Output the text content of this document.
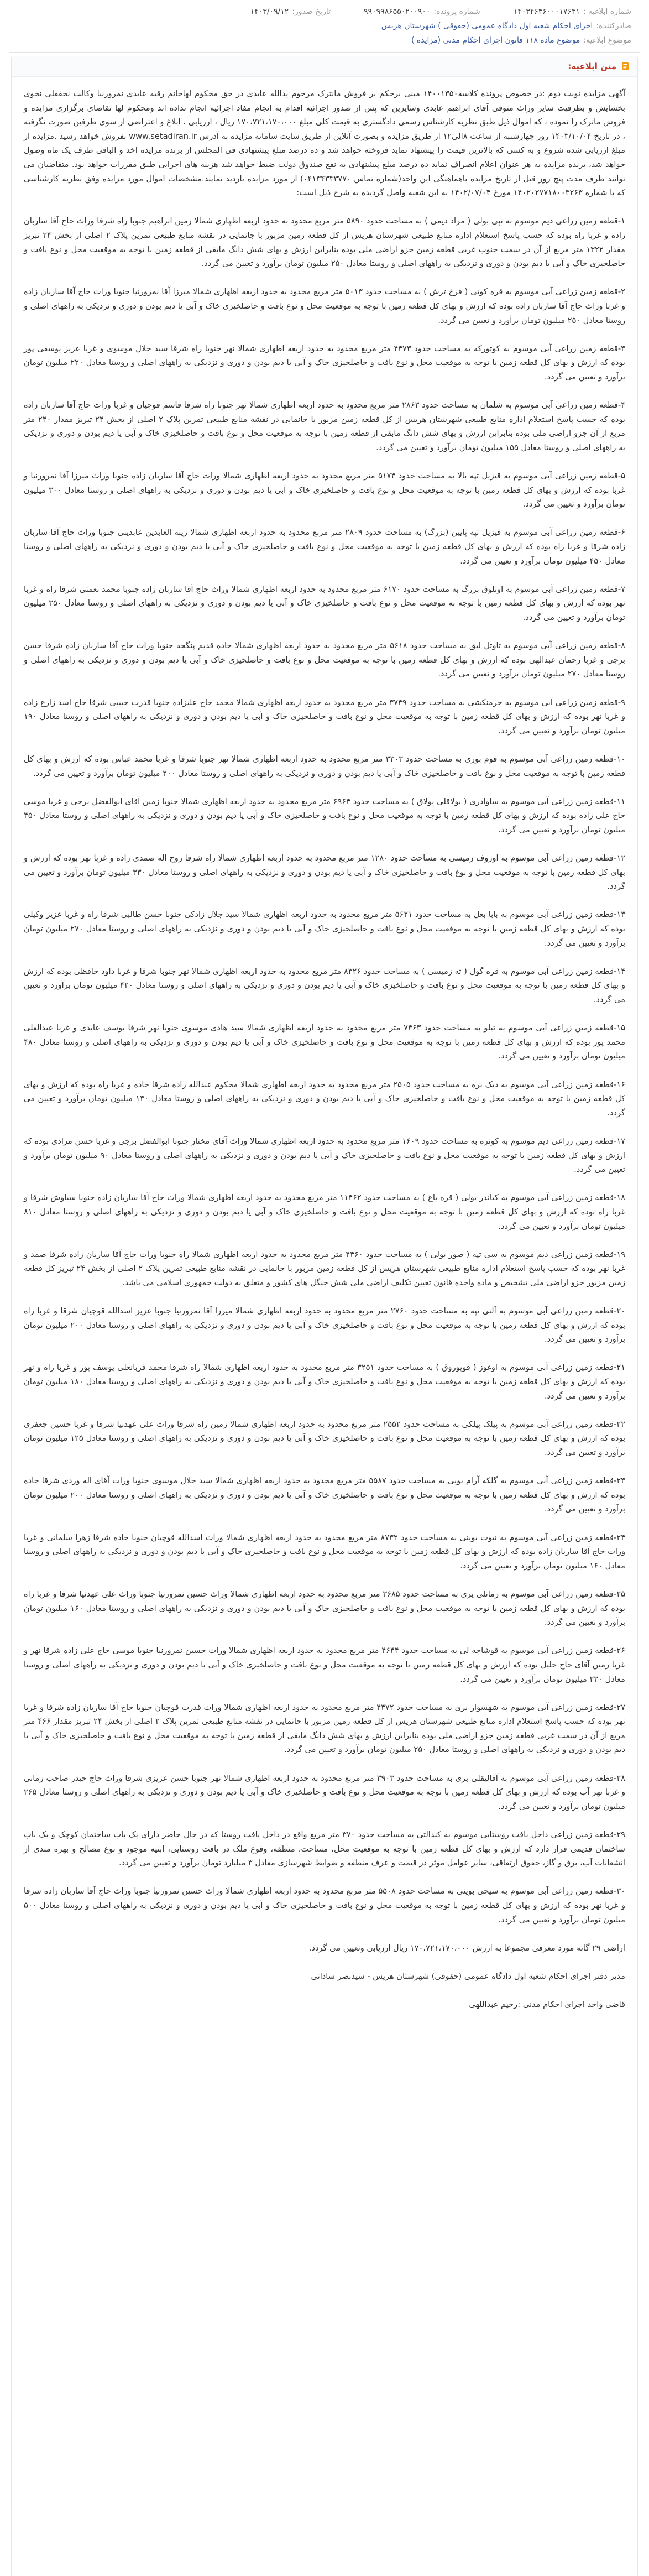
شماره ابلاغیه :۱۴۰۳۴۶۳۶۰۰۰۱۷۶۳۱
شماره پرونده:۹۹۰۹۹۸۶۵۵۰۲۰۰۹۰۰
تاریخ صدور:۱۴۰۳/۰۹/۱۲
صادرکننده:اجرای احکام شعبه اول دادگاه عمومی (حقوقی ) شهرستان هریس
موضوع ابلاغیه:موضوع ماده ۱۱۸ قانون اجرای احکام مدنی (مزایده )
متن ابلاغیه:

آگهی مزایده نوبت دوم :در خصوص پرونده کلاسه۱۴۰۰۱۳۵۰ مبنی برحکم بر فروش مانترک مرحوم یدالله عابدی در حق محکوم لهاخانم رقیه عابدی نمرورنیا وکالت نجفقلی نحوی بخشایش و بطرفیت سایر وراث متوفی آقای ابراهیم عابدی وسایرین که پس از صدور اجرائیه اقدام به انجام مفاد اجرائیه انجام نداده اند ومحکوم لها تقاضای برگزاری مزایده و فروش ماترک را نموده ، که اموال ذیل طبق نظریه کارشناس رسمی دادگستری به قیمت کلی مبلغ ۱۷۰،۷۲۱،۱۷۰،۰۰۰ ریال ، ارزیابی ، ابلاغ و اعتراضی از سوی طرفین صورت نگرفته ، در تاریخ ۱۴۰۳/۱۰/۰۴ روز چهارشنبه از ساعت ۸الی۱۲ از طریق مزایده و بصورت آنلاین از طریق سایت سامانه مزایده به آدرس www.setadiran.ir بفروش خواهد رسید .مزایده از مبلغ ارزیابی شده شروع و به کسی که بالاترین قیمت را پیشنهاد نماید فروخته خواهد شد و ده درصد مبلغ پیشنهادی فی المجلس از برنده مزایده اخذ و الباقی ظرف یک ماه وصول خواهد شد، برنده مزایده به هر عنوان اعلام انصراف نماید ده درصد مبلغ پیشنهادی به نفع صندوق دولت ضبط خواهد شد هزینه های اجرایی طبق مقررات خواهد بود. متقاضیان می توانند ظرف مدت پنج روز قبل از تاریخ مزایده باهماهنگی این واحد(شماره تماس ۰۴۱۳۴۳۳۳۷۷۰) از مورد مزایده بازدید نمایند.مشخصات اموال مورد مزایده وفق نظریه کارشناسی که با شماره ۱۴۰۲۰۲۷۷۱۸۰۰۳۲۶۳ مورخ ۱۴۰۲/۰۷/۰۴ به این شعبه واصل گردیده به شرح ذیل است:

۱-قطعه زمین زراعی دیم موسوم به تپی بولی ( مراد دیمی ) به مساحت حدود ۵۸۹۰ متر مربع محدود به حدود اربعه اظهاری شمالا زمین ابراهیم جنوبا راه شرقا وراث حاج آقا ساربان زاده و غربا راه بوده که حسب پاسخ استعلام اداره منابع طبیعی شهرستان هریس از کل قطعه زمین مزبور با جانمایی در نقشه منابع طبیعی تمرین پلاک ۲ اصلی از بخش ۲۴ تبریز مقدار ۱۳۲۲ متر مربع از آن در سمت جنوب غربی قطعه زمین جزو اراضی ملی بوده بنابراین ارزش و بهای شش دانگ مابقی از قطعه زمین با توجه به موقعیت محل و نوع بافت و حاصلخیزی خاک و آبی یا دیم بودن و دوری و نزدیکی به راههای اصلی و روستا معادل ۲۵۰ میلیون تومان برآورد و تعیین می گردد.

۲-قطعه زمین زراعی آبی موسوم به قره کوتی ( فرخ ترش ) به مساحت حدود ۵۰۱۳ متر مربع محدود به حدود اربعه اظهاری شمالا میرزا آقا نمرورنیا جنوبا وراث حاج آقا ساربان زاده و غربا وراث حاج آقا ساربان زاده بوده که ارزش و بهای کل قطعه زمین با توجه به موقعیت محل و نوع بافت و حاصلخیزی خاک و آبی یا دیم بودن و دوری و نزدیکی به راههای اصلی و روستا معادل ۲۵۰ میلیون تومان برآورد و تعیین می گردد.

۳-قطعه زمین زراعی آبی موسوم به کوتورکه به مساحت حدود ۴۴۷۳ متر مربع محدود به حدود اربعه اظهاری شمالا نهر جنوبا راه شرقا سید جلال موسوی و غربا عزیز یوسفی پور بوده که ارزش و بهای کل قطعه زمین با توجه به موقعیت محل و نوع بافت و حاصلخیزی خاک و آبی یا دیم بودن و دوری و نزدیکی به راههای اصلی و روستا معادل ۲۲۰ میلیون تومان برآورد و تعیین می گردد.

۴-قطعه زمین زراعی آبی موسوم به شلمان به مساحت حدود ۲۸۶۳ متر مربع محدود به حدود اربعه اظهاری شمالا نهر جنوبا راه شرقا قاسم قوچیان و غربا وراث حاج آقا ساربان زاده بوده که حسب پاسخ استعلام اداره منابع طبیعی شهرستان هریس از کل قطعه زمین مزبور با جانمایی در نقشه منابع طبیعی تمرین پلاک ۲ اصلی از بخش ۲۴ تبریز مقدار ۲۴۰ متر مربع از آن جزو اراضی ملی بوده بنابراین ارزش و بهای شش دانگ مابقی از قطعه زمین با توجه به موقعیت محل و نوع بافت و حاصلخیزی خاک و آبی یا دیم بودن و دوری و نزدیکی به راههای اصلی و روستا معادل ۱۵۵ میلیون تومان برآورد و تعیین می گردد.

۵-قطعه زمین زراعی آبی موسوم به قیزیل تپه بالا به مساحت حدود ۵۱۷۴ متر مربع محدود به حدود اربعه اظهاری شمالا وراث حاج آقا ساربان زاده جنوبا وراث میرزا آقا نمرورنیا و غربا بوده که ارزش و بهای کل قطعه زمین با توجه به موقعیت محل و نوع بافت و حاصلخیزی خاک و آبی یا دیم بودن و دوری و نزدیکی به راههای اصلی و روستا معادل ۳۰۰ میلیون تومان برآورد و تعیین می گردد.

۶-قطعه زمین زراعی آبی موسوم به قیزیل تپه پایین (بزرگ) به مساحت حدود ۲۸۰۹ متر مربع محدود به حدود اربعه اظهاری شمالا زینه العابدین عابدینی جنوبا وراث حاج آقا ساربان زاده شرقا و غربا راه بوده که ارزش و بهای کل قطعه زمین با توجه به موقعیت محل و نوع بافت و حاصلخیزی خاک و آبی یا دیم بودن و دوری و نزدیکی به راههای اصلی و روستا معادل ۴۵۰ میلیون تومان برآورد و تعیین می گردد.

۷-قطعه زمین زراعی آبی موسوم به اوتلوق بزرگ به مساحت حدود ۶۱۷۰ متر مربع محدود به حدود اربعه اظهاری شمالا وراث حاج آقا ساربان زاده جنوبا محمد نعمتی شرقا راه و غربا نهر بوده که ارزش و بهای کل قطعه زمین با توجه به موقعیت محل و نوع بافت و حاصلخیزی خاک و آبی یا دیم بودن و دوری و نزدیکی به راههای اصلی و روستا معادل ۳۵۰ میلیون تومان برآورد و تعیین می گردد.

۸-قطعه زمین زراعی آبی موسوم به تاوتل لیق به مساحت حدود ۵۶۱۸ متر مربع محدود به حدود اربعه اظهاری شمالا جاده قدیم پنگجه جنوبا وراث حاج آقا ساربان زاده شرقا حسن برجی و غربا رحمان عبدالهی بوده که ارزش و بهای کل قطعه زمین با توجه به موقعیت محل و نوع بافت و حاصلخیزی خاک و آبی یا دیم بودن و دوری و نزدیکی به راههای اصلی و روستا معادل ۲۷۰ میلیون تومان برآورد و تعیین می گردد.

۹-قطعه زمین زراعی آبی موسوم به خرمنکشی به مساحت حدود ۳۷۴۹ متر مربع محدود به حدود اربعه اظهاری شمالا محمد حاج علیزاده جنوبا قدرت حبیبی شرقا حاج اسد زارع زاده و غربا نهر بوده که ارزش و بهای کل قطعه زمین با توجه به موقعیت محل و نوع بافت و حاصلخیزی خاک و آبی یا دیم بودن و دوری و نزدیکی به راههای اصلی و روستا معادل ۱۹۰ میلیون تومان برآورد و تعیین می گردد.

۱۰-قطعه زمین زراعی آبی موسوم به قوم بوری به مساحت حدود ۳۳۰۳ متر مربع محدود به حدود اربعه اظهاری شمالا نهر جنوبا شرقا و غربا محمد عباس بوده که ارزش و بهای کل قطعه زمین با توجه به موقعیت محل و نوع بافت و حاصلخیزی خاک و آبی یا دیم بودن و دوری و نزدیکی به راههای اصلی و روستا معادل ۲۰۰ میلیون تومان برآورد و تعیین می گردد.

۱۱-قطعه زمین زراعی آبی موسوم به ساوادری ( بولاقلی بولاق ) به مساحت حدود ۶۹۶۴ متر مربع محدود به حدود اربعه اظهاری شمالا جنوبا زمین آقای ابوالفضل برجی و غربا موسی حاج علی زاده بوده که ارزش و بهای کل قطعه زمین با توجه به موقعیت محل و نوع بافت و حاصلخیزی خاک و آبی یا دیم بودن و دوری و نزدیکی به راههای اصلی و روستا معادل ۴۵۰ میلیون تومان برآورد و تعیین می گردد.

۱۲-قطعه زمین زراعی آبی موسوم به اوروف زمیسی به مساحت حدود ۱۲۸۰ متر مربع محدود به حدود اربعه اظهاری شمالا راه شرقا روح اله صمدی زاده و غربا نهر بوده که ارزش و بهای کل قطعه زمین با توجه به موقعیت محل و نوع بافت و حاصلخیزی خاک و آبی یا دیم بودن و دوری و نزدیکی به راههای اصلی و روستا معادل ۳۳۰ میلیون تومان برآورد و تعیین می گردد.

۱۳-قطعه زمین زراعی آبی موسوم به بابا بعل به مساحت حدود ۵۶۲۱ متر مربع محدود به حدود اربعه اظهاری شمالا سید جلال زادکی جنوبا حسن طالبی شرقا راه و غربا عزیز وکیلی بوده که ارزش و بهای کل قطعه زمین با توجه به موقعیت محل و نوع بافت و حاصلخیزی خاک و آبی یا دیم بودن و دوری و نزدیکی به راههای اصلی و روستا معادل ۲۷۰ میلیون تومان برآورد و تعیین می گردد.

۱۴-قطعه زمین زراعی آبی موسوم به قره گول ( ته زمیسی ) به مساحت حدود ۸۳۲۶ متر مربع محدود به حدود اربعه اظهاری شمالا نهر جنوبا شرقا و غربا داود حافظی بوده که ارزش و بهای کل قطعه زمین با توجه به موقعیت محل و نوع بافت و حاصلخیزی خاک و آبی یا دیم بودن و دوری و نزدیکی به راههای اصلی و روستا معادل ۴۲۰ میلیون تومان برآورد و تعیین می گردد.

۱۵-قطعه زمین زراعی آبی موسوم به تیلو به مساحت حدود ۷۴۶۳ متر مربع محدود به حدود اربعه اظهاری شمالا سید هادی موسوی جنوبا نهر شرقا یوسف عابدی و غربا عبدالعلی محمد پور بوده که ارزش و بهای کل قطعه زمین با توجه به موقعیت محل و نوع بافت و حاصلخیزی خاک و آبی یا دیم بودن و دوری و نزدیکی به راههای اصلی و روستا معادل ۴۸۰ میلیون تومان برآورد و تعیین می گردد.

۱۶-قطعه زمین زراعی آبی موسوم به دیک بره به مساحت حدود ۲۵۰۵ متر مربع محدود به حدود اربعه اظهاری شمالا محکوم عبدالله زاده شرقا جاده و غربا راه بوده که ارزش و بهای کل قطعه زمین با توجه به موقعیت محل و نوع بافت و حاصلخیزی خاک و آبی یا دیم بودن و دوری و نزدیکی به راههای اصلی و روستا معادل ۱۳۰ میلیون تومان برآورد و تعیین می گردد.

۱۷-قطعه زمین زراعی دیم موسوم به کوتره به مساحت حدود ۱۶۰۹ متر مربع محدود به حدود اربعه اظهاری شمالا وراث آقای مختار جنوبا ابوالفضل برجی و غربا حسن مرادی بوده که ارزش و بهای کل قطعه زمین با توجه به موقعیت محل و نوع بافت و حاصلخیزی خاک و آبی یا دیم بودن و دوری و نزدیکی به راههای اصلی و روستا معادل ۹۰ میلیون تومان برآورد و تعیین می گردد.

۱۸-قطعه زمین زراعی آبی موسوم به کیاندر بولی ( قره باغ ) به مساحت حدود ۱۱۴۶۲ متر مربع محدود به حدود اربعه اظهاری شمالا وراث حاج آقا ساربان زاده جنوبا سیاوش شرقا و غربا راه بوده که ارزش و بهای کل قطعه زمین با توجه به موقعیت محل و نوع بافت و حاصلخیزی خاک و آبی یا دیم بودن و دوری و نزدیکی به راههای اصلی و روستا معادل ۸۱۰ میلیون تومان برآورد و تعیین می گردد.

۱۹-قطعه زمین زراعی دیم موسوم به سی تپه ( صور بولی ) به مساحت حدود ۴۴۶۰ متر مربع محدود به حدود اربعه اظهاری شمالا راه جنوبا وراث حاج آقا ساربان زاده شرقا صمد و غربا نهر بوده که حسب پاسخ استعلام اداره منابع طبیعی شهرستان هریس از کل قطعه زمین مزبور با جانمایی در نقشه منابع طبیعی تمرین پلاک ۲ اصلی از بخش ۲۴ تبریز کل قطعه زمین مزبور جزو اراضی ملی تشخیص و ماده واحده قانون تعیین تکلیف اراضی ملی شش جنگل های کشور و متعلق به دولت جمهوری اسلامی می باشد.

۲۰-قطعه زمین زراعی آبی موسوم به آلتی تپه به مساحت حدود ۲۷۶۰ متر مربع محدود به حدود اربعه اظهاری شمالا میرزا آقا نمرورنیا جنوبا عزیز اسدالله قوچیان شرقا و غربا راه بوده که ارزش و بهای کل قطعه زمین با توجه به موقعیت محل و نوع بافت و حاصلخیزی خاک و آبی یا دیم بودن و دوری و نزدیکی به راههای اصلی و روستا معادل ۲۰۰ میلیون تومان برآورد و تعیین می گردد.

۲۱-قطعه زمین زراعی آبی موسوم به اوغوز ( قوپوروق ) به مساحت حدود ۳۲۵۱ متر مربع محدود به حدود اربعه اظهاری شمالا راه شرقا محمد قربانعلی یوسف پور و غربا راه و نهر بوده که ارزش و بهای کل قطعه زمین با توجه به موقعیت محل و نوع بافت و حاصلخیزی خاک و آبی یا دیم بودن و دوری و نزدیکی به راههای اصلی و روستا معادل ۱۸۰ میلیون تومان برآورد و تعیین می گردد.

۲۲-قطعه زمین زراعی آبی موسوم به پیلک پیلکی به مساحت حدود ۲۵۵۲ متر مربع محدود به حدود اربعه اظهاری شمالا زمین راه شرقا وراث علی عهدنیا شرقا و غربا حسین جعفری بوده که ارزش و بهای کل قطعه زمین با توجه به موقعیت محل و نوع بافت و حاصلخیزی خاک و آبی یا دیم بودن و دوری و نزدیکی به راههای اصلی و روستا معادل ۱۲۵ میلیون تومان برآورد و تعیین می گردد.

۲۳-قطعه زمین زراعی آبی موسوم به گلکه آرام بویی به مساحت حدود ۵۵۸۷ متر مربع محدود به حدود اربعه اظهاری شمالا سید جلال موسوی جنوبا وراث آقای اله وردی شرقا جاده بوده که ارزش و بهای کل قطعه زمین با توجه به موقعیت محل و نوع بافت و حاصلخیزی خاک و آبی یا دیم بودن و دوری و نزدیکی به راههای اصلی و روستا معادل ۲۰۰ میلیون تومان برآورد و تعیین می گردد.

۲۴-قطعه زمین زراعی آبی موسوم به نبوت بوینی به مساحت حدود ۸۷۳۲ متر مربع محدود به حدود اربعه اظهاری شمالا وراث اسدالله قوچیان جنوبا جاده شرقا زهرا سلمانی و غربا وراث حاج آقا ساربان زاده بوده که ارزش و بهای کل قطعه زمین با توجه به موقعیت محل و نوع بافت و حاصلخیزی خاک و آبی یا دیم بودن و دوری و نزدیکی به راههای اصلی و روستا معادل ۱۶۰ میلیون تومان برآورد و تعیین می گردد.

۲۵-قطعه زمین زراعی آبی موسوم به زمانلی یری به مساحت حدود ۳۶۸۵ متر مربع محدود به حدود اربعه اظهاری شمالا وراث حسین نمرورنیا جنوبا وراث علی عهدنیا شرقا و غربا راه بوده که ارزش و بهای کل قطعه زمین با توجه به موقعیت محل و نوع بافت و حاصلخیزی خاک و آبی یا دیم بودن و دوری و نزدیکی به راههای اصلی و روستا معادل ۱۶۰ میلیون تومان برآورد و تعیین می گردد.

۲۶-قطعه زمین زراعی آبی موسوم به قوشاجه لی به مساحت حدود ۴۶۴۴ متر مربع محدود به حدود اربعه اظهاری شمالا وراث حسین نمرورنیا جنوبا موسی حاج علی زاده شرقا نهر و غربا زمین آقای حاج خلیل بوده که ارزش و بهای کل قطعه زمین با توجه به موقعیت محل و نوع بافت و حاصلخیزی خاک و آبی یا دیم بودن و دوری و نزدیکی به راههای اصلی و روستا معادل ۲۲۰ میلیون تومان برآورد و تعیین می گردد.

۲۷-قطعه زمین زراعی آبی موسوم به شهسوار بری به مساحت حدود ۴۴۷۲ متر مربع محدود به حدود اربعه اظهاری شمالا وراث قدرت قوچیان جنوبا حاج آقا ساربان زاده شرقا و غربا نهر بوده که حسب پاسخ استعلام اداره منابع طبیعی شهرستان هریس از کل قطعه زمین مزبور با جانمایی در نقشه منابع طبیعی تمرین پلاک ۲ اصلی از بخش ۲۴ تبریز مقدار ۴۶۶ متر مربع از آن در سمت غربی قطعه زمین جزو اراضی ملی بوده بنابراین ارزش و بهای شش دانگ مابقی از قطعه زمین با توجه به موقعیت محل و نوع بافت و حاصلخیزی خاک و آبی یا دیم بودن و دوری و نزدیکی به راههای اصلی و روستا معادل ۲۵۰ میلیون تومان برآورد و تعیین می گردد.

۲۸-قطعه زمین زراعی آبی موسوم به آقالیقلی بری به مساحت حدود ۳۹۰۳ متر مربع محدود به حدود اربعه اظهاری شمالا نهر جنوبا حسن عزیزی شرقا وراث حاج حیدر صاحب زمانی و غربا نهر آب بوده که ارزش و بهای کل قطعه زمین با توجه به موقعیت محل و نوع بافت و حاصلخیزی خاک و آبی یا دیم بودن و دوری و نزدیکی به راههای اصلی و روستا معادل ۲۶۵ میلیون تومان برآورد و تعیین می گردد.

۲۹-قطعه زمین زراعی داخل بافت روستایی موسوم به کندالتی به مساحت حدود ۳۷۰ متر مربع واقع در داخل بافت روستا که در حال حاضر دارای یک باب ساختمان کوچک و یک باب ساختمان قدیمی قرار دارد که ارزش و بهای کل قطعه زمین با توجه به موقعیت محل، مساحت، منطقه، وقوع ملک در بافت روستایی، ابنیه موجود و نوع مصالح و بهره مندی از انشعابات آب، برق و گاز، حقوق ارتفاقی، سایر عوامل موثر در قیمت و عرف منطقه و ضوابط شهرسازی معادل ۳ میلیارد تومان برآورد و تعیین می گردد.

۳۰-قطعه زمین زراعی آبی موسوم به سیجی بوینی به مساحت حدود ۵۵۰۸ متر مربع محدود به حدود اربعه اظهاری شمالا وراث حسین نمرورنیا جنوبا وراث حاج آقا ساربان زاده شرقا و غربا نهر بوده که ارزش و بهای کل قطعه زمین با توجه به موقعیت محل و نوع بافت و حاصلخیزی خاک و آبی یا دیم بودن و دوری و نزدیکی به راههای اصلی و روستا معادل ۵۰۰ میلیون تومان برآورد و تعیین می گردد.

اراضی ۲۹ گانه مورد معرفی مجموعا به ارزش ۱۷۰،۷۲۱،۱۷۰،۰۰۰ ریال ارزیابی وتعیین می گردد.

مدیر دفتر اجرای احکام شعبه اول دادگاه عمومی (حقوقی) شهرستان هریس - سیدنصر ساداتی

قاضی واحد اجرای احکام مدنی :رحیم عبداللهی
